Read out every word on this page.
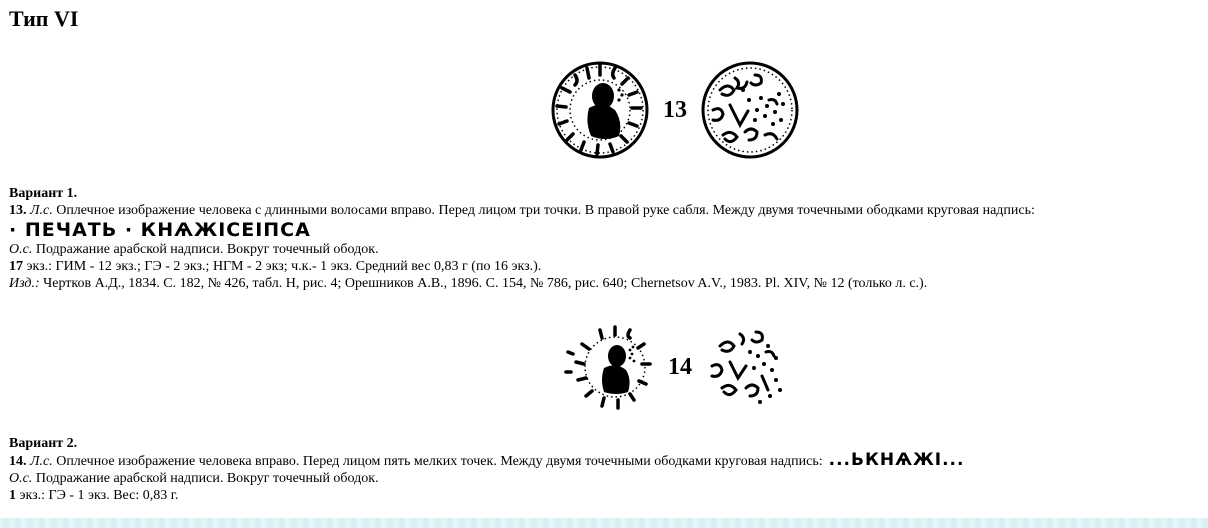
Тип VI
13

Вариант 1.

13. Л.с. Оплечное изображение человека с длинными волосами вправо. Перед лицом три точки. В правой руке сабля. Между двумя точечными ободками круговая надпись:

· ПЕЧАТЬ · КНѦЖІСЕІПСА

О.с. Подражание арабской надписи. Вокруг точечный ободок.

17 экз.: ГИМ - 12 экз.; ГЭ - 2 экз.; НГМ - 2 экз; ч.к.- 1 экз. Средний вес 0,83 г (по 16 экз.).

Изд.: Чертков А.Д., 1834. С. 182, № 426, табл. Н, рис. 4; Орешников А.В., 1896. С. 154, № 786, рис. 640; Chernetsov A.V., 1983. Pl. XIV, № 12 (только л. с.).

14

Вариант 2.

14. Л.с. Оплечное изображение человека вправо. Перед лицом пять мелких точек. Между двумя точечными ободками круговая надпись: ...ЬКНѦЖІ...

О.с. Подражание арабской надписи. Вокруг точечный ободок.

1 экз.: ГЭ - 1 экз. Вес: 0,83 г.
